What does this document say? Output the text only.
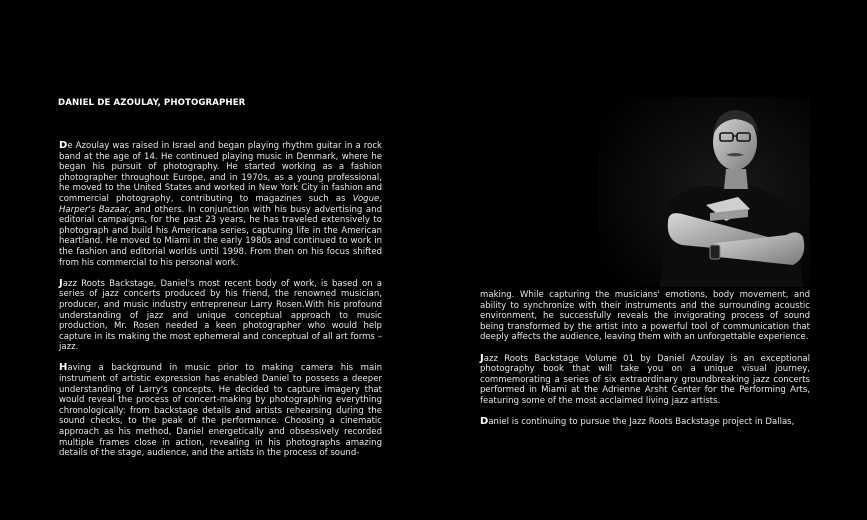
DANIEL DE AZOULAY, PHOTOGRAPHER

De Azoulay was raised in Israel and began playing rhythm guitar in a rock band at the age of 14. He continued playing music in Denmark, where he began his pursuit of photography. He started working as a fashion photographer throughout Europe, and in 1970s, as a young professional, he moved to the United States and worked in New York City in fashion and commercial photography, contributing to magazines such as Vogue, Harper's Bazaar, and others. In conjunction with his busy advertising and editorial campaigns, for the past 23 years, he has traveled extensively to photograph and build his Americana series, capturing life in the American heartland. He moved to Miami in the early 1980s and continued to work in the fashion and editorial worlds until 1998. From then on his focus shifted from his commercial to his personal work.

Jazz Roots Backstage, Daniel's most recent body of work, is based on a series of jazz concerts produced by his friend, the renowned musician, producer, and music industry entrepreneur Larry Rosen.With his profound understanding of jazz and unique conceptual approach to music production, Mr. Rosen needed a keen photographer who would help capture in its making the most ephemeral and conceptual of all art forms – jazz.

Having a background in music prior to making camera his main instrument of artistic expression has enabled Daniel to possess a deeper understanding of Larry's concepts. He decided to capture imagery that would reveal the process of concert-making by photographing everything chronologically: from backstage details and artists rehearsing during the sound checks, to the peak of the performance. Choosing a cinematic approach as his method, Daniel energetically and obsessively recorded multiple frames close in action, revealing in his photographs amazing details of the stage, audience, and the artists in the process of sound-

making. While capturing the musicians' emotions, body movement, and ability to synchronize with their instruments and the surrounding acoustic environment, he successfully reveals the invigorating process of sound being transformed by the artist into a powerful tool of communication that deeply affects the audience, leaving them with an unforgettable experience.

Jazz Roots Backstage Volume 01 by Daniel Azoulay is an exceptional photography book that will take you on a unique visual journey, commemorating a series of six extraordinary groundbreaking jazz concerts performed in Miami at the Adrienne Arsht Center for the Performing Arts, featuring some of the most acclaimed living jazz artists.

Daniel is continuing to pursue the Jazz Roots Backstage project in Dallas,
